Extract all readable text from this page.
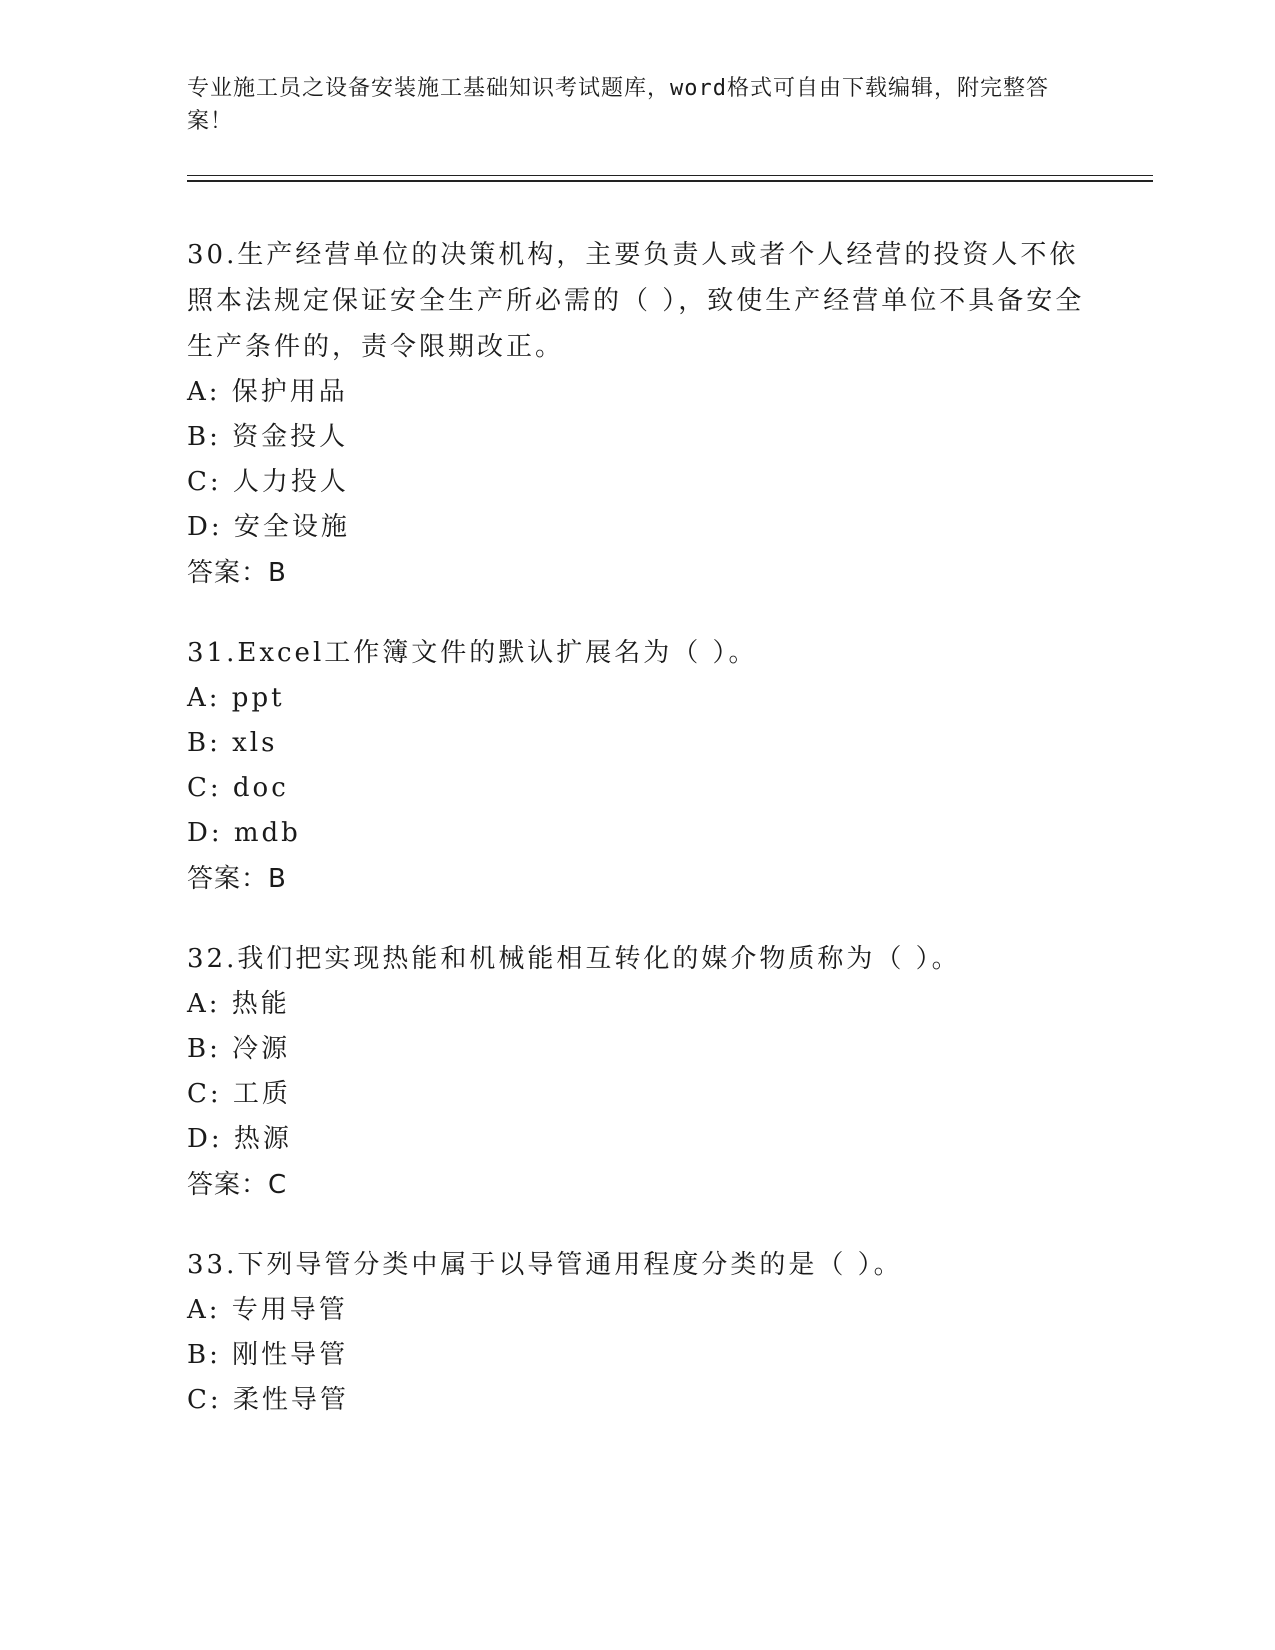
专业施工员之设备安装施工基础知识考试题库，word格式可自由下载编辑，附完整答案！
30.生产经营单位的决策机构，主要负责人或者个人经营的投资人不依照本法规定保证安全生产所必需的（ ），致使生产经营单位不具备安全生产条件的，责令限期改正。
A: 保护用品
B: 资金投人
C: 人力投人
D: 安全设施
答案：B
31.Excel工作簿文件的默认扩展名为（ ）。
A: ppt
B: xls
C: doc
D: mdb
答案：B
32.我们把实现热能和机械能相互转化的媒介物质称为（ ）。
A: 热能
B: 冷源
C: 工质
D: 热源
答案：C
33.下列导管分类中属于以导管通用程度分类的是（ ）。
A: 专用导管
B: 刚性导管
C: 柔性导管
